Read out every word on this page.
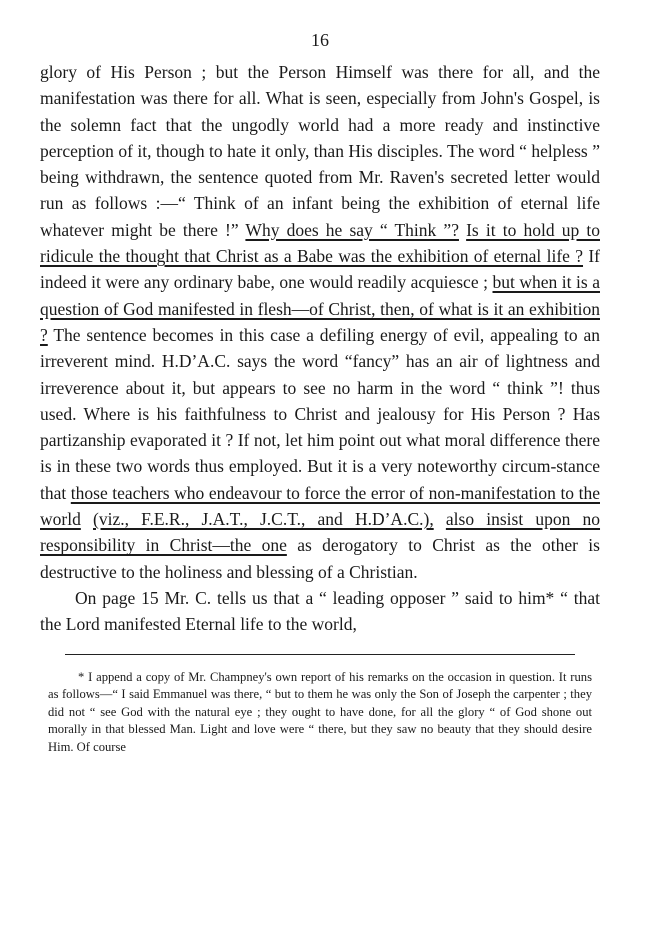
16

glory of His Person ; but the Person Himself was there for all, and the manifestation was there for all. What is seen, especially from John's Gospel, is the solemn fact that the ungodly world had a more ready and instinctive perception of it, though to hate it only, than His disciples. The word “ helpless ” being withdrawn, the sentence quoted from Mr. Raven's secreted letter would run as follows :—“ Think of an infant being the exhibition of eternal life whatever might be there !” Why does he say “ Think ”? Is it to hold up to ridicule the thought that Christ as a Babe was the exhibition of eternal life ? If indeed it were any ordinary babe, one would readily acquiesce ; but when it is a question of God manifested in flesh—of Christ, then, of what is it an exhibition ? The sentence becomes in this case a defiling energy of evil, appealing to an irreverent mind. H.D’A.C. says the word “fancy” has an air of lightness and irreverence about it, but appears to see no harm in the word “ think ”! thus used. Where is his faithfulness to Christ and jealousy for His Person ? Has partizanship evaporated it ? If not, let him point out what moral difference there is in these two words thus employed. But it is a very noteworthy circum-stance that those teachers who endeavour to force the error of non-manifestation to the world (viz., F.E.R., J.A.T., J.C.T., and H.D’A.C.), also insist upon no responsibility in Christ—the one as derogatory to Christ as the other is destructive to the holiness and blessing of a Christian.

On page 15 Mr. C. tells us that a “ leading opposer ” said to him* “ that the Lord manifested Eternal life to the world,

* I append a copy of Mr. Champney's own report of his remarks on the occasion in question. It runs as follows—“ I said Emmanuel was there, “ but to them he was only the Son of Joseph the carpenter ; they did not “ see God with the natural eye ; they ought to have done, for all the glory “ of God shone out morally in that blessed Man. Light and love were “ there, but they saw no beauty that they should desire Him. Of course
